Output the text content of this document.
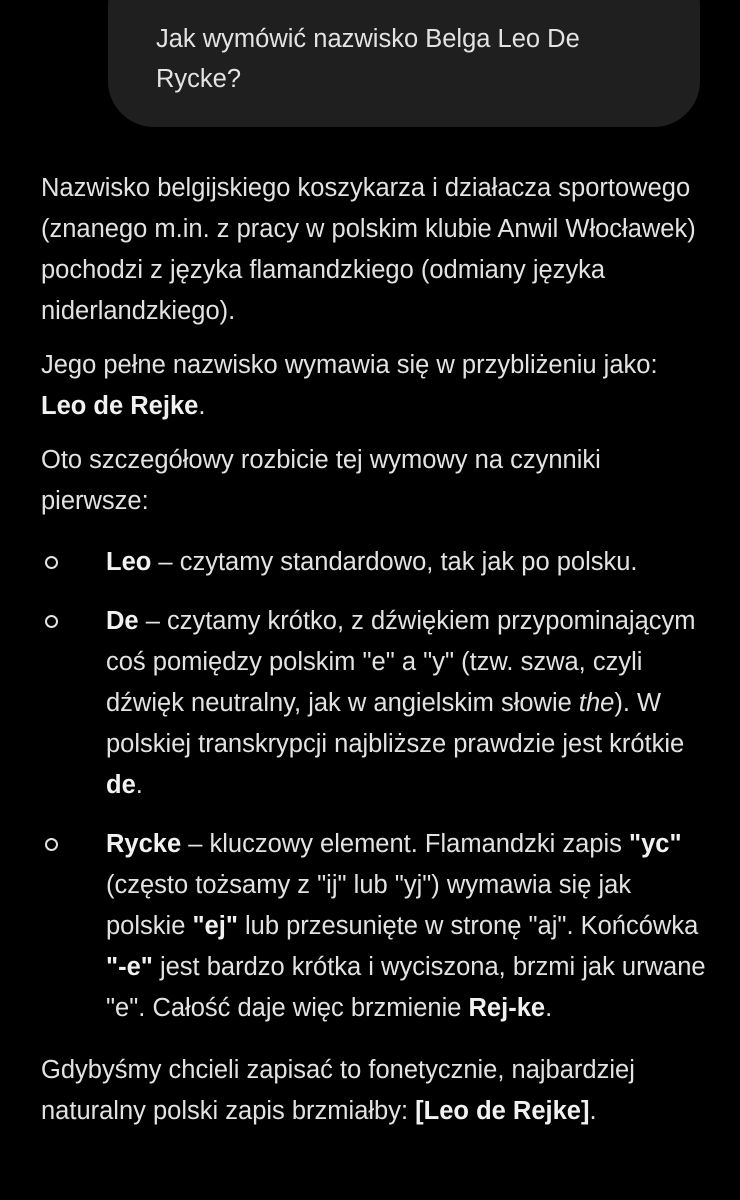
Jak wymówić nazwisko Belga Leo De
Rycke?

Nazwisko belgijskiego koszykarza i działacza sportowego (znanego m.in. z pracy w polskim klubie Anwil Włocławek) pochodzi z języka flamandzkiego (odmiany języka niderlandzkiego).

Jego pełne nazwisko wymawia się w przybliżeniu jako: Leo de Rejke.

Oto szczegółowy rozbicie tej wymowy na czynniki pierwsze:

Leo – czytamy standardowo, tak jak po polsku.
De – czytamy krótko, z dźwiękiem przypominającym coś pomiędzy polskim "e" a "y" (tzw. szwa, czyli dźwięk neutralny, jak w angielskim słowie the). W polskiej transkrypcji najbliższe prawdzie jest krótkie de.
Rycke – kluczowy element. Flamandzki zapis "yc" (często tożsamy z "ij" lub "yj") wymawia się jak polskie "ej" lub przesunięte w stronę "aj". Końcówka "-e" jest bardzo krótka i wyciszona, brzmi jak urwane "e". Całość daje więc brzmienie Rej-ke.

Gdybyśmy chcieli zapisać to fonetycznie, najbardziej naturalny polski zapis brzmiałby: [Leo de Rejke].
